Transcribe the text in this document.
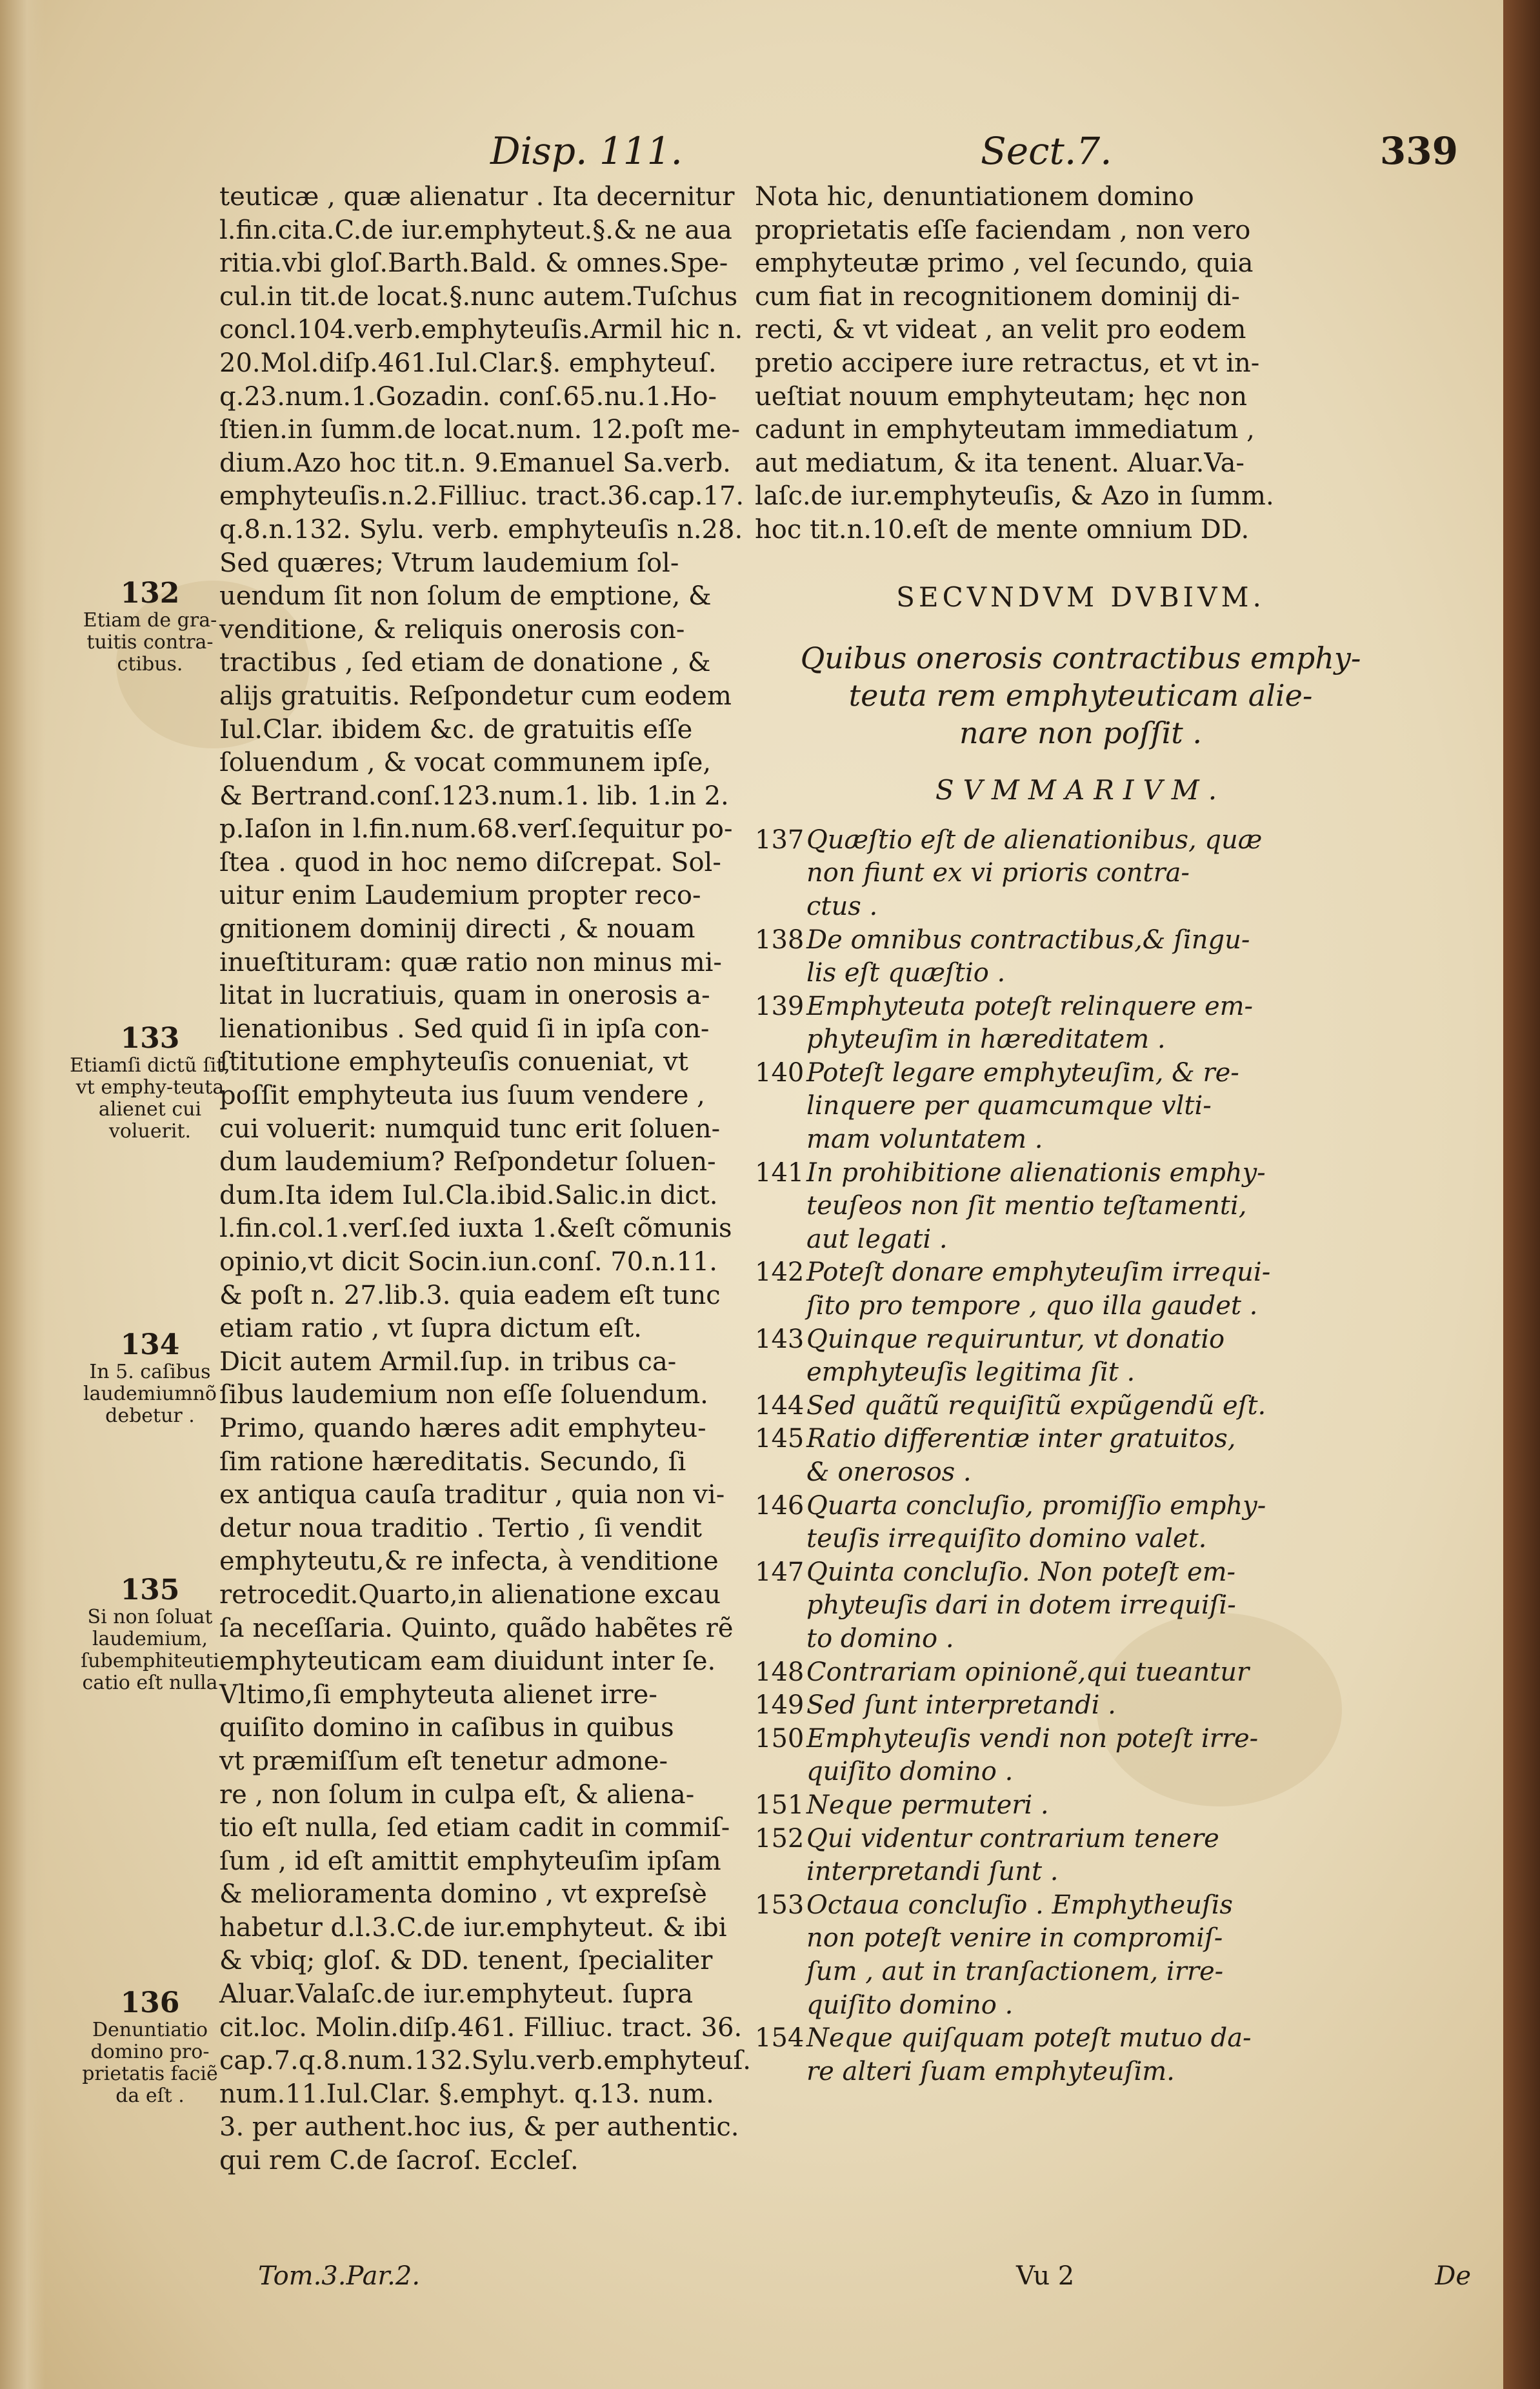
Disp. 111.	Sect.7.	339
teuticæ , quæ alienatur . Ita decernitur
l.fin.cita.C.de iur.emphyteut.§.& ne aua
ritia.vbi gloſ.Barth.Bald. & omnes.Spe-
cul.in tit.de locat.§.nunc autem.Tuſchus
concl.104.verb.emphyteuſis.Armil hic n.
20.Mol.diſp.461.Iul.Clar.§. emphyteuſ.
q.23.num.1.Gozadin. conſ.65.nu.1.Ho-
ſtien.in ſumm.de locat.num. 12.poſt me-
dium.Azo hoc tit.n. 9.Emanuel Sa.verb.
emphyteuſis.n.2.Filliuc. tract.36.cap.17.
q.8.n.132. Sylu. verb. emphyteuſis n.28.
Sed quæres; Vtrum laudemium ſol-
uendum ſit non ſolum de emptione, &
venditione, & reliquis onerosis con-
tractibus , ſed etiam de donatione , &
alijs gratuitis. Reſpondetur cum eodem
Iul.Clar. ibidem &c. de gratuitis eſſe
ſoluendum , & vocat communem ipſe,
& Bertrand.conſ.123.num.1. lib. 1.in 2.
p.Iaſon in l.fin.num.68.verſ.ſequitur po-
ſtea . quod in hoc nemo diſcrepat. Sol-
uitur enim Laudemium propter reco-
gnitionem dominij directi , & nouam
inueſtituram: quæ ratio non minus mi-
litat in lucratiuis, quam in onerosis a-
lienationibus . Sed quid ſi in ipſa con-
ſtitutione emphyteuſis conueniat, vt
poſſit emphyteuta ius ſuum vendere ,
cui voluerit: numquid tunc erit ſoluen-
dum laudemium? Reſpondetur ſoluen-
dum.Ita idem Iul.Cla.ibid.Salic.in dict.
l.fin.col.1.verſ.ſed iuxta 1.&eſt cõmunis
opinio,vt dicit Socin.iun.conſ. 70.n.11.
& poſt n. 27.lib.3. quia eadem eſt tunc
etiam ratio , vt ſupra dictum eſt.
Dicit autem Armil.ſup. in tribus ca-
ſibus laudemium non eſſe ſoluendum.
Primo, quando hæres adit emphyteu-
ſim ratione hæreditatis. Secundo, ſi
ex antiqua cauſa traditur , quia non vi-
detur noua traditio . Tertio , ſi vendit
emphyteutu,& re infecta, à venditione
retrocedit.Quarto,in alienatione excau
ſa neceſſaria. Quinto, quãdo habẽtes rẽ
emphyteuticam eam diuidunt inter ſe.
Vltimo,ſi emphyteuta alienet irre-
quiſito domino in caſibus in quibus
vt præmiſſum eſt tenetur admone-
re , non ſolum in culpa eſt, & aliena-
tio eſt nulla, ſed etiam cadit in commiſ-
ſum , id eſt amittit emphyteuſim ipſam
& melioramenta domino , vt expreſsè
habetur d.l.3.C.de iur.emphyteut. & ibi
& vbiq; gloſ. & DD. tenent, ſpecialiter
Aluar.Valaſc.de iur.emphyteut. ſupra
cit.loc. Molin.diſp.461. Filliuc. tract. 36.
cap.7.q.8.num.132.Sylu.verb.emphyteuſ.
num.11.Iul.Clar. §.emphyt. q.13. num.
3. per authent.hoc ius, & per authentic.
qui rem C.de ſacroſ. Eccleſ.
Nota hic, denuntiationem domino
proprietatis eſſe faciendam , non vero
emphyteutæ primo , vel ſecundo, quia
cum fiat in recognitionem dominij di-
recti, & vt videat , an velit pro eodem
pretio accipere iure retractus, et vt in-
ueſtiat nouum emphyteutam; hęc non
cadunt in emphyteutam immediatum ,
aut mediatum, & ita tenent. Aluar.Va-
laſc.de iur.emphyteuſis, & Azo in ſumm.
hoc tit.n.10.eſt de mente omnium DD.
SECVNDVM DVBIVM.
Quibus onerosis contractibus emphy-
teuta rem emphyteuticam alie-
nare non poſſit .
SVMMARIVM.
137 Quæſtio eſt de alienationibus, quæ
non fiunt ex vi prioris contra-
ctus .
138 De omnibus contractibus,& ſingu-
lis eſt quæſtio .
139 Emphyteuta poteſt relinquere em-
phyteuſim in hæreditatem .
140 Poteſt legare emphyteuſim, & re-
linquere per quamcumque vlti-
mam voluntatem .
141 In prohibitione alienationis emphy-
teuſeos non ſit mentio teſtamenti,
aut legati .
142 Poteſt donare emphyteuſim irrequi-
ſito pro tempore , quo illa gaudet .
143 Quinque requiruntur, vt donatio
emphyteuſis legitima ſit .
144 Sed quãtũ requiſitũ expũgendũ eſt.
145 Ratio differentiæ inter gratuitos,
& onerosos .
146 Quarta concluſio, promiſſio emphy-
teuſis irrequiſito domino valet.
147 Quinta concluſio. Non poteſt em-
phyteuſis dari in dotem irrequiſi-
to domino .
148 Contrariam opinionẽ,qui tueantur
149 Sed ſunt interpretandi .
150 Emphyteuſis vendi non poteſt irre-
quiſito domino .
151 Neque permuteri .
152 Qui videntur contrarium tenere
interpretandi ſunt .
153 Octaua concluſio . Emphytheuſis
non poteſt venire in compromiſ-
ſum , aut in tranſactionem, irre-
quiſito domino .
154 Neque quiſquam poteſt mutuo da-
re alteri ſuam emphyteuſim.
132
Etiam de gra-tuitis contra-ctibus.
133
Etiamſi dictũ ſit, vt emphy-teuta alienet cui voluerit.
134
In 5. caſibus laudemiumnõ debetur .
135
Si non ſoluat laudemium, ſubemphiteuti catio eſt nulla
136
Denuntiatio domino pro-prietatis faciẽ da eſt .
Tom.3.Par.2.	Vu 2	De
